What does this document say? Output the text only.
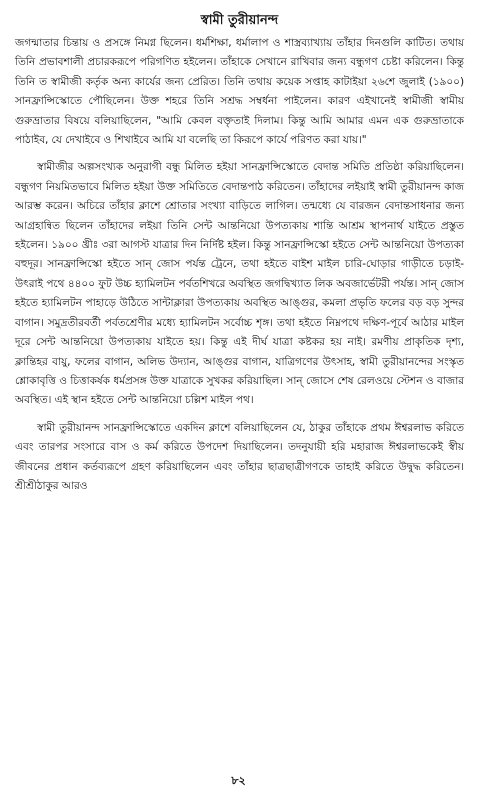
স্বামী তুরীয়ানন্দ

জগন্মাতার চিন্তায় ও প্রসঙ্গে নিমগ্ন ছিলেন। ধর্মশিক্ষা, ধর্মালাপ ও শাস্ত্রব্যাখ্যায় তাঁহার দিনগুলি কাটিত। তথায় তিনি প্রভাবশালী প্রচারকরূপে পরিগণিত হইলেন। তাঁহাকে সেখানে রাখিবার জন্য বন্ধুগণ চেষ্টা করিলেন। কিন্তু তিনি ত স্বামীজী কর্তৃক অন্য কার্যের জন্য প্রেরিত। তিনি তথায় কয়েক সপ্তাহ কাটাইয়া ২৬শে জুলাই (১৯০০) সানফ্রান্সিস্কোতে পৌছিলেন। উক্ত শহরে তিনি সশ্রদ্ধ সম্বর্ধনা পাইলেন। কারণ এইখানেই স্বামীজী স্বামীয় গুরুভ্রাতার বিষয়ে বলিয়াছিলেন, "আমি কেবল বক্তৃতাই দিলাম। কিন্তু আমি আমার এমন এক গুরুভ্রাতাকে পাঠাইব, যে দেখাইবে ও শিখাইবে আমি যা বলেছি তা কিরূপে কার্যে পরিণত করা যায়।"

স্বামীজীর অল্পসংখ্যক অনুরাগী বন্ধু মিলিত হইয়া সানফ্রান্সিস্কোতে বেদান্ত সমিতি প্রতিষ্ঠা করিয়াছিলেন। বন্ধুগণ নিয়মিতভাবে মিলিত হইয়া উক্ত সমিতিতে বেদান্তপাঠ করিতেন। তাঁহাদের লইয়াই স্বামী তুরীয়ানন্দ কাজ আরম্ভ করেন। অচিরে তাঁহার ক্লাশে শ্রোতার সংখ্যা বাড়িতে লাগিল। তন্মধ্যে যে বারজন বেদান্তসাধনার জন্য আগ্রহান্বিত ছিলেন তাঁহাদের লইয়া তিনি সেন্ট আন্তনিয়ো উপত্যকায় শান্তি আশ্রম স্থাপনার্থ যাইতে প্রস্তুত হইলেন। ১৯০০ খ্রীঃ ৩রা আগস্ট যাত্রার দিন নির্দিষ্ট হইল। কিন্তু সানফ্রান্সিস্কো হইতে সেন্ট আন্তনিয়ো উপত্যকা বহুদূর। সানফ্রান্সিস্কো হইতে সান্ জোস পর্যন্ত ট্রেনে, তথা হইতে বাইশ মাইল চারি-ঘোড়ার গাড়ীতে চড়াই-উৎরাই পথে ৪৪০০ ফুট উচ্চ হ্যামিলটন পর্বতশিখরে অবস্থিত জগদ্বিখ্যাত লিক অবজার্ভেটরী পর্যন্ত। সান্ জোস হইতে হ্যামিলটন পাহাড়ে উঠিতে সান্টাক্লারা উপত্যকায় অবস্থিত আঙ্গুর, কমলা প্রভৃতি ফলের বড় বড় সুন্দর বাগান। সমুদ্রতীরবর্তী পর্বতশ্রেণীর মধ্যে হ্যামিলটন সর্বোচ্চ শৃঙ্গ। তথা হইতে নিম্নপথে দক্ষিণ-পূর্বে আঠার মাইল দূরে সেন্ট আন্তনিয়ো উপত্যকায় যাইতে হয়। কিন্তু এই দীর্ঘ যাত্রা কষ্টকর হয় নাই। রমণীয় প্রাকৃতিক দৃশ্য, ক্লান্তিহর বায়ু, ফলের বাগান, অলিভ উদ্যান, আঙ্গুর বাগান, যাত্রিগণের উৎসাহ, স্বামী তুরীয়ানন্দের সংস্কৃত শ্লোকাবৃত্তি ও চিত্তাকর্ষক ধর্মপ্রসঙ্গ উক্ত যাত্রাকে সুখকর করিয়াছিল। সান্ জোসে শেষ রেলওয়ে স্টেশন ও বাজার অবস্থিত। এই স্থান হইতে সেন্ট আন্তনিয়ো চল্লিশ মাইল পথ।

স্বামী তুরীয়ানন্দ সানফ্রান্সিস্কোতে একদিন ক্লাশে বলিয়াছিলেন যে, ঠাকুর তাঁহাকে প্রথম ঈশ্বরলাভ করিতে এবং তারপর সংসারে বাস ও কর্ম করিতে উপদেশ দিয়াছিলেন। তদনুযায়ী হরি মহারাজ ঈশ্বরলাভকেই স্বীয় জীবনের প্রধান কর্তব্যরূপে গ্রহণ করিয়াছিলেন এবং তাঁহার ছাত্রছাত্রীগণকে তাহাই করিতে উদ্বুদ্ধ করিতেন। শ্রীশ্রীঠাকুর আরও

৮২
